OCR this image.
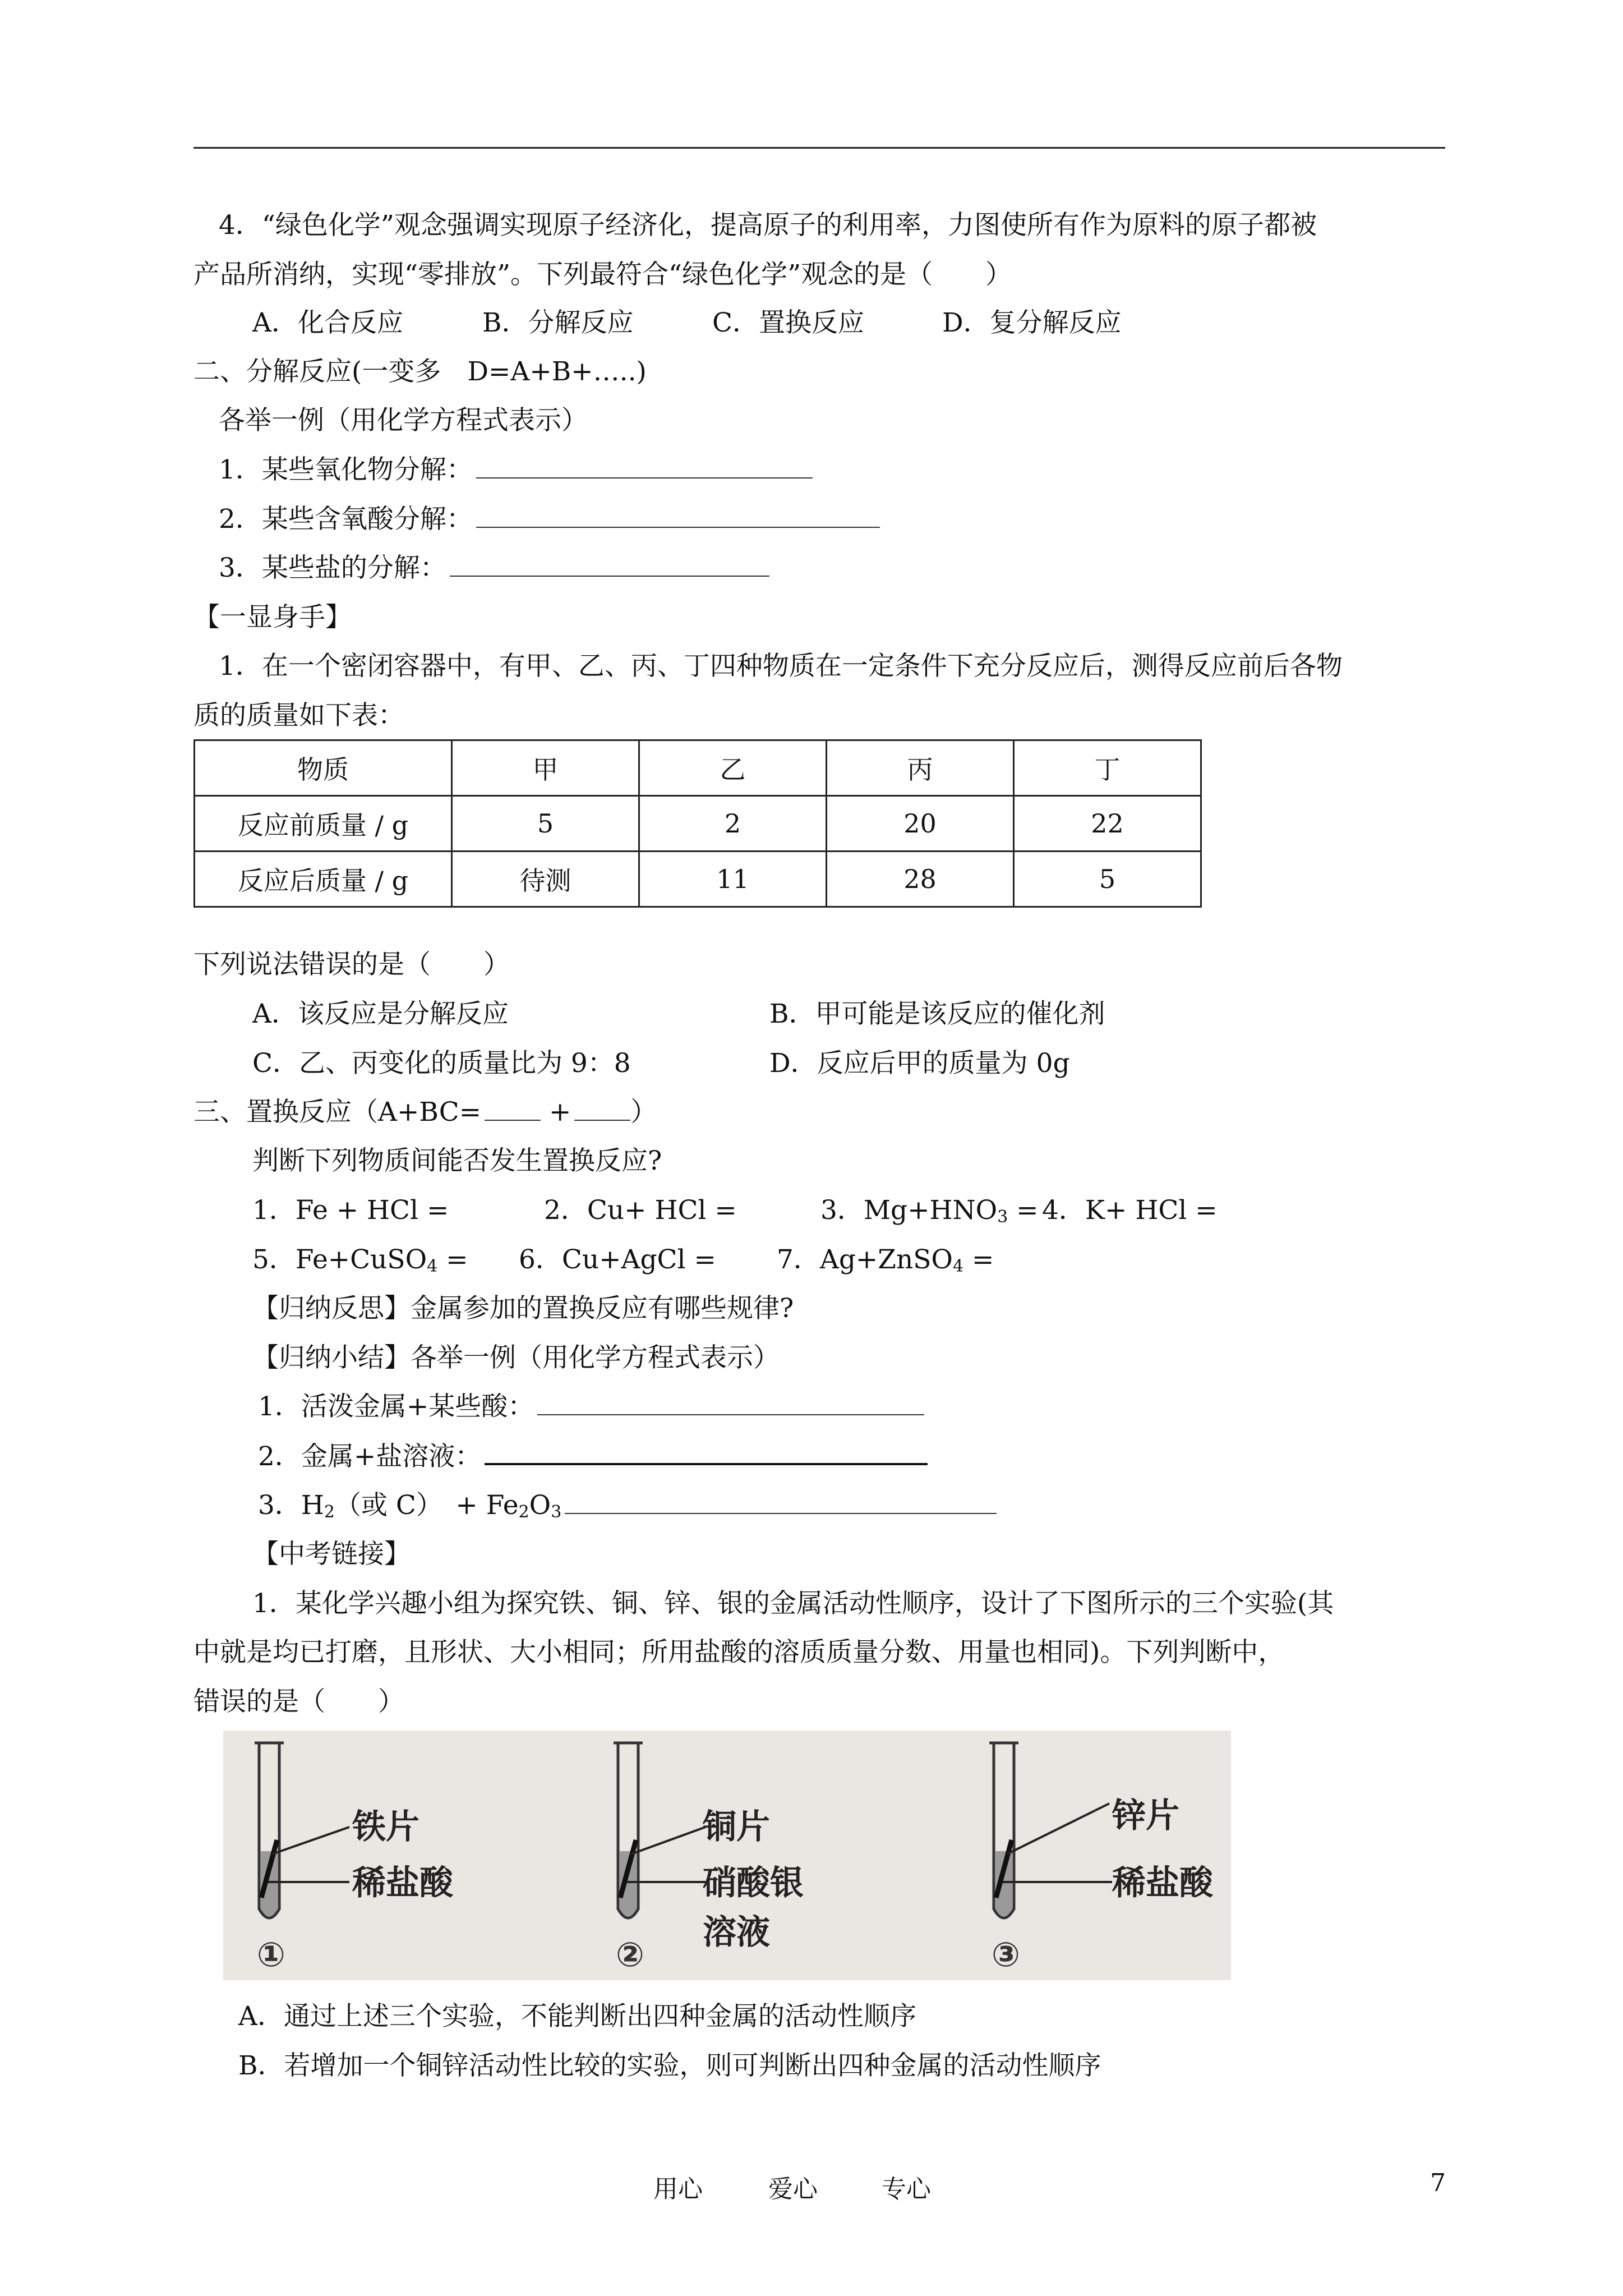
4．“绿色化学”观念强调实现原子经济化，提高原子的利用率，力图使所有作为原料的原子都被
产品所消纳，实现“零排放”。下列最符合“绿色化学”观念的是（　　）
A．化合反应	B．分解反应	C．置换反应	D．复分解反应
二、分解反应(一变多　D=A+B+…..)
各举一例（用化学方程式表示）
1．某些氧化物分解：
2．某些含氧酸分解：
3．某些盐的分解：
【一显身手】
1．在一个密闭容器中，有甲、乙、丙、丁四种物质在一定条件下充分反应后，测得反应前后各物
质的质量如下表：
物质	甲	乙	丙	丁
反应前质量 / g	5	2	20	22
反应后质量 / g	待测	11	28	5
下列说法错误的是（　　）
A．该反应是分解反应	B．甲可能是该反应的催化剂
C．乙、丙变化的质量比为 9：8	D．反应后甲的质量为 0g
三、置换反应（A+BC=	+ ）
判断下列物质间能否发生置换反应?
1．Fe + HCl =	2．Cu+ HCl =	3．$Mg+HNO_3 = 4$．K+ HCl =
5．Fe+CuSO$_4$ = 6．Cu+AgCl = 7．Ag+ZnSO$_4$ =
【归纳反思】金属参加的置换反应有哪些规律?
【归纳小结】各举一例（用化学方程式表示）
1．活泼金属+某些酸：
2．金属+盐溶液：
3．$H_2$（或 C）　+ $Fe_2O_3$
【中考链接】
1．某化学兴趣小组为探究铁、铜、锌、银的金属活动性顺序，设计了下图所示的三个实验(其
中就是均已打磨，且形状、大小相同；所用盐酸的溶质质量分数、用量也相同)。下列判断中，
错误的是（　　）
铁片
稀盐酸
①
铜片
硝酸银
溶液
②
锌片
稀盐酸
③
A．通过上述三个实验，不能判断出四种金属的活动性顺序
B．若增加一个铜锌活动性比较的实验，则可判断出四种金属的活动性顺序
用心	爱心	专心	7
